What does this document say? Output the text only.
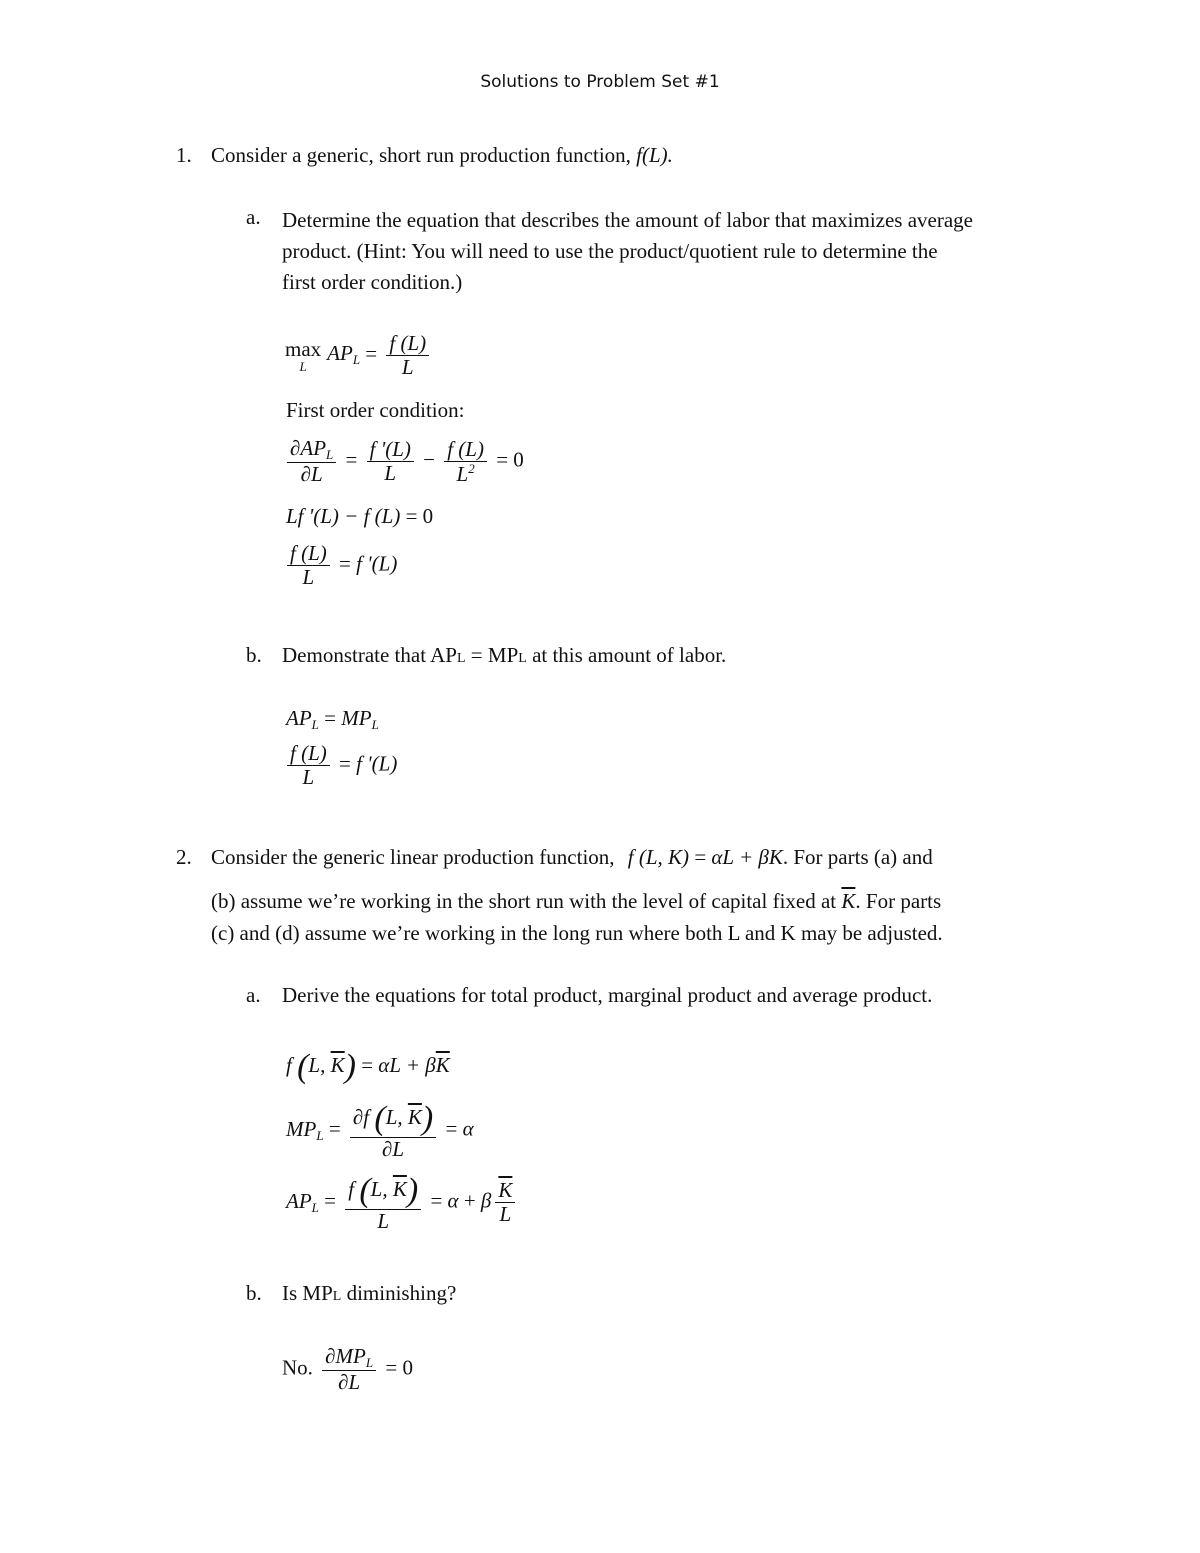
Solutions to Problem Set #1
1. Consider a generic, short run production function, f(L).
a. Determine the equation that describes the amount of labor that maximizes average
product. (Hint: You will need to use the product/quotient rule to determine the
first order condition.)
max
L
$AP_L = \frac{f (L)}{L}$
First order condition:
$\frac{\partial AP_L}{\partial L} = \frac{f '(L)}{L} - \frac{f (L)}{L^2} = 0$
Lf '(L) − f (L) = 0
$\frac{f (L)}{L} = f$ '(L)
b. Demonstrate that APL = MPL at this amount of labor.
$AP_L = MP_L$
$\frac{f (L)}{L} = f$ '(L)
2. Consider the generic linear production function, f (L, K) = αL + βK. For parts (a) and
(b) assume we’re working in the short run with the level of capital fixed at $\overline{K}$. For parts
(c) and (d) assume we’re working in the long run where both L and K may be adjusted.
a. Derive the equations for total product, marginal product and average product.
f (L, $\overline{K}) = \alpha L + \beta\overline{K}$
$MP_L = \frac{\partial f (L, \overline{K})}{\partial L} = \alpha$
$AP_L = \frac{f (L, \overline{K})}{L} = \alpha + \beta \frac{\overline{K}}{L}$
b. Is MPL diminishing?
No. $\frac{\partial MP_L}{\partial L} = 0$
